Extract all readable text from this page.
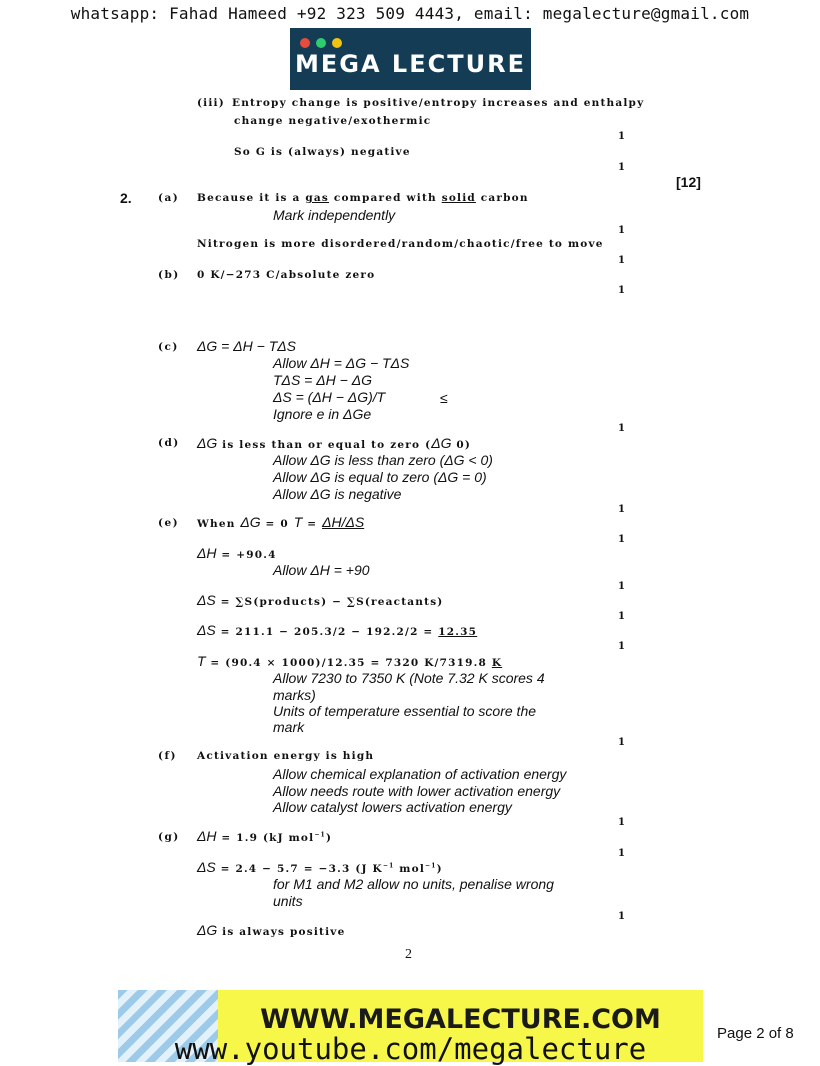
whatsapp: Fahad Hameed +92 323 509 4443, email: megalecture@gmail.com
MEGA LECTURE
(iii) Entropy change is positive/entropy increases and enthalpy
change negative/exothermic
1
So G is (always) negative
1
[12]
2.	(a) Because it is a gas compared with solid carbon
Mark independently
1
Nitrogen is more disordered/random/chaotic/free to move
1
(b) 0 K/−273 C/absolute zero
1
(c) ΔG = ΔH − TΔS
Allow ΔH = ΔG − TΔS
TΔS = ΔH − ΔG
ΔS = (ΔH − ΔG)/T	≤
Ignore e in ΔGe
1
(d) ΔG is less than or equal to zero (ΔG 0)
Allow ΔG is less than zero (ΔG < 0)
Allow ΔG is equal to zero (ΔG = 0)
Allow ΔG is negative
1
(e) When ΔG = 0 T = ΔH/ΔS
1
ΔH = +90.4
Allow ΔH = +90
1
ΔS = ∑S(products) − ∑S(reactants)
1
ΔS = 211.1 − 205.3/2 − 192.2/2 = 12.35
1
T = (90.4 × 1000)/12.35 = 7320 K/7319.8 K
Allow 7230 to 7350 K (Note 7.32 K scores 4
marks)
Units of temperature essential to score the
mark
1
(f) Activation energy is high
Allow chemical explanation of activation energy
Allow needs route with lower activation energy
Allow catalyst lowers activation energy
1
(g) ΔH = 1.9 (kJ mol$^{-1}$)
1
ΔS = 2.4 − 5.7 = −3.3 (J $K^{-1}$ mol$^{-1}$)
for M1 and M2 allow no units, penalise wrong
units
1
ΔG is always positive
2
WWW.MEGALECTURE.COM
www.youtube.com/megalecture	Page 2 of 8
